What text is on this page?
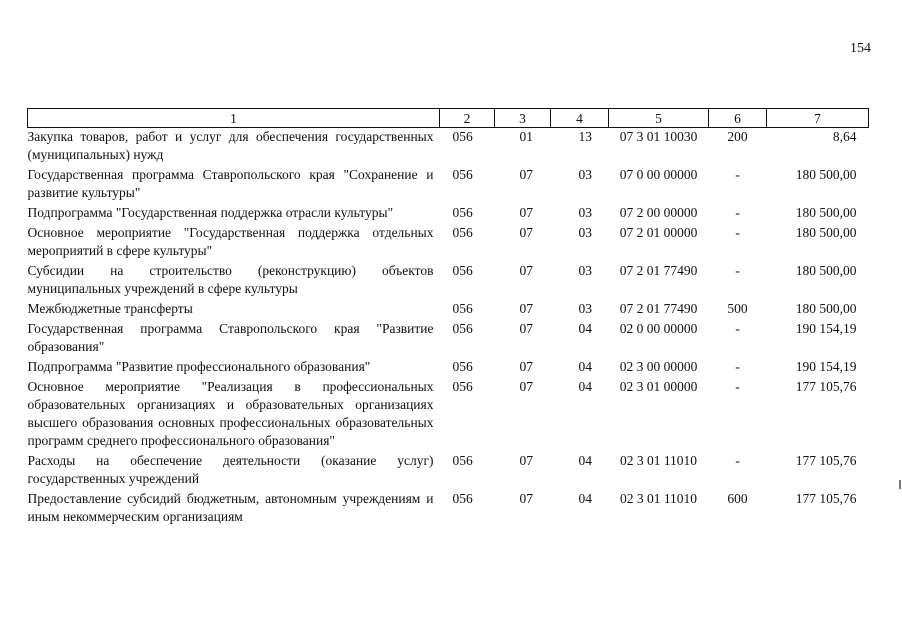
154
1	2	3	4	5	6	7
Закупка товаров, работ и услуг для обеспечения государственных (муниципальных) нужд	056	01	13	07 3 01 10030	200	8,64
Государственная программа Ставропольского края "Сохранение и развитие культуры"	056	07	03	07 0 00 00000	-	180 500,00
Подпрограмма "Государственная поддержка отрасли культуры"	056	07	03	07 2 00 00000	-	180 500,00
Основное мероприятие "Государственная поддержка отдельных мероприятий в сфере культуры"	056	07	03	07 2 01 00000	-	180 500,00
Субсидии на строительство (реконструкцию) объектов муниципальных учреждений в сфере культуры	056	07	03	07 2 01 77490	-	180 500,00
Межбюджетные трансферты	056	07	03	07 2 01 77490	500	180 500,00
Государственная программа Ставропольского края "Развитие образования"	056	07	04	02 0 00 00000	-	190 154,19
Подпрограмма "Развитие профессионального образования"	056	07	04	02 3 00 00000	-	190 154,19
Основное мероприятие "Реализация в профессиональных образовательных организациях и образовательных организациях высшего образования основных профессиональных образовательных программ среднего профессионального образования"	056	07	04	02 3 01 00000	-	177 105,76
Расходы на обеспечение деятельности (оказание услуг) государственных учреждений	056	07	04	02 3 01 11010	-	177 105,76
Предоставление субсидий бюджетным, автономным учреждениям и иным некоммерческим организациям	056	07	04	02 3 01 11010	600	177 105,76
